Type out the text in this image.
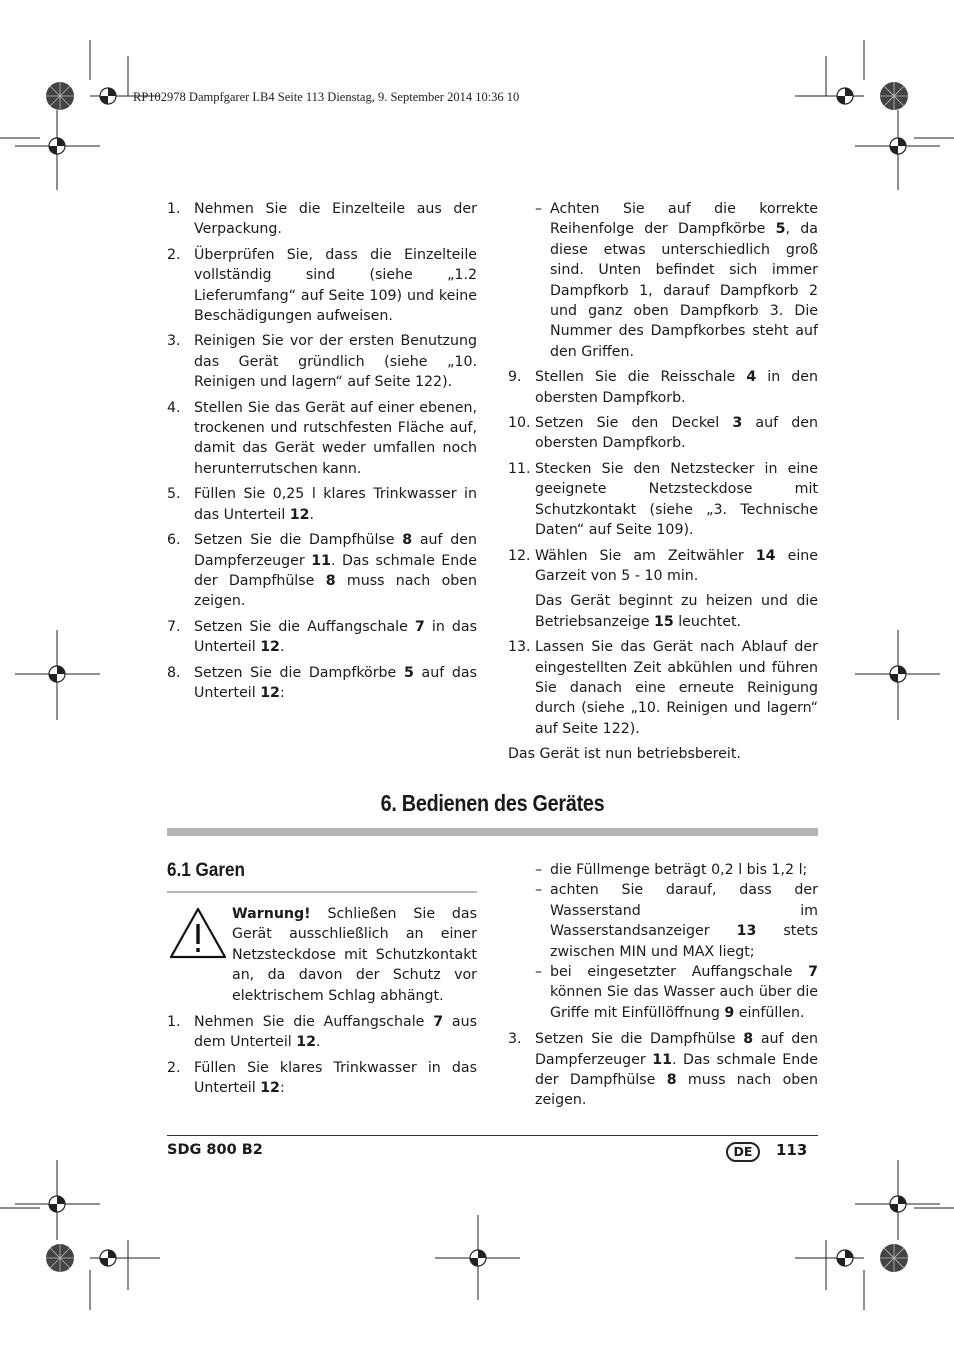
RP102978 Dampfgarer LB4 Seite 113 Dienstag, 9. September 2014 10:36 10
1. Nehmen Sie die Einzelteile aus der Verpackung.
2. Überprüfen Sie, dass die Einzelteile vollständig sind (siehe „1.2 Lieferumfang“ auf Seite 109) und keine Beschädigungen aufweisen.
3. Reinigen Sie vor der ersten Benutzung das Gerät gründlich (siehe „10. Reinigen und lagern“ auf Seite 122).
4. Stellen Sie das Gerät auf einer ebenen, trockenen und rutschfesten Fläche auf, damit das Gerät weder umfallen noch herunterrutschen kann.
5. Füllen Sie 0,25 l klares Trinkwasser in das Unterteil 12.
6. Setzen Sie die Dampfhülse 8 auf den Dampferzeuger 11. Das schmale Ende der Dampfhülse 8 muss nach oben zeigen.
7. Setzen Sie die Auffangschale 7 in das Unterteil 12.
8. Setzen Sie die Dampfkörbe 5 auf das Unterteil 12:
– Achten Sie auf die korrekte Reihenfolge der Dampfkörbe 5, da diese etwas unterschiedlich groß sind. Unten befindet sich immer Dampfkorb 1, darauf Dampfkorb 2 und ganz oben Dampfkorb 3. Die Nummer des Dampfkorbes steht auf den Griffen.
9. Stellen Sie die Reisschale 4 in den obersten Dampfkorb.
10. Setzen Sie den Deckel 3 auf den obersten Dampfkorb.
11. Stecken Sie den Netzstecker in eine geeignete Netzsteckdose mit Schutzkontakt (siehe „3. Technische Daten“ auf Seite 109).
12. Wählen Sie am Zeitwähler 14 eine Garzeit von 5 - 10 min.
Das Gerät beginnt zu heizen und die Betriebsanzeige 15 leuchtet.
13. Lassen Sie das Gerät nach Ablauf der eingestellten Zeit abkühlen und führen Sie danach eine erneute Reinigung durch (siehe „10. Reinigen und lagern“ auf Seite 122).
Das Gerät ist nun betriebsbereit.
6. Bedienen des Gerätes
6.1 Garen
Warnung! Schließen Sie das Gerät ausschließlich an einer Netzsteckdose mit Schutzkontakt an, da davon der Schutz vor elektrischem Schlag abhängt.
1. Nehmen Sie die Auffangschale 7 aus dem Unterteil 12.
2. Füllen Sie klares Trinkwasser in das Unterteil 12:
– die Füllmenge beträgt 0,2 l bis 1,2 l;
– achten Sie darauf, dass der Wasserstand im Wasserstandsanzeiger 13 stets zwischen MIN und MAX liegt;
– bei eingesetzter Auffangschale 7 können Sie das Wasser auch über die Griffe mit Einfüllöffnung 9 einfüllen.
3. Setzen Sie die Dampfhülse 8 auf den Dampferzeuger 11. Das schmale Ende der Dampfhülse 8 muss nach oben zeigen.
SDG 800 B2	DE	113
